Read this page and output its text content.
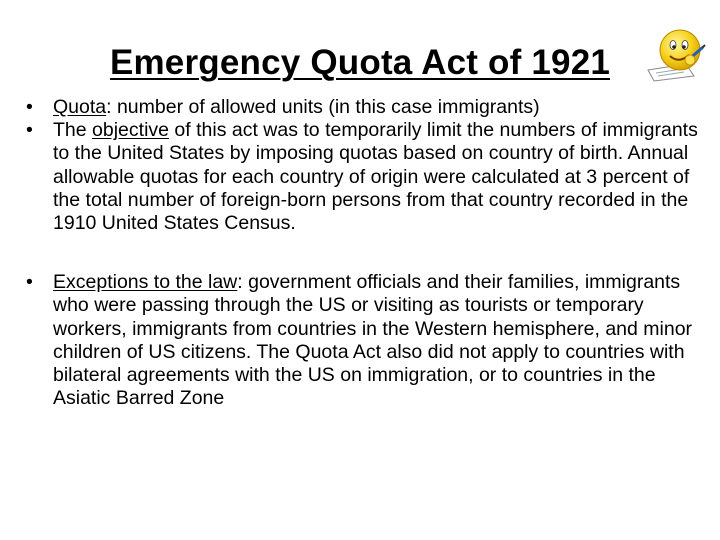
Emergency Quota Act of 1921
• Quota: number of allowed units (in this case immigrants)
• The objective of this act was to temporarily limit the numbers of immigrants to the United States by imposing quotas based on country of birth. Annual allowable quotas for each country of origin were calculated at 3 percent of the total number of foreign-born persons from that country recorded in the 1910 United States Census.
• Exceptions to the law: government officials and their families, immigrants who were passing through the US or visiting as tourists or temporary workers, immigrants from countries in the Western hemisphere, and minor children of US citizens. The Quota Act also did not apply to countries with bilateral agreements with the US on immigration, or to countries in the Asiatic Barred Zone
